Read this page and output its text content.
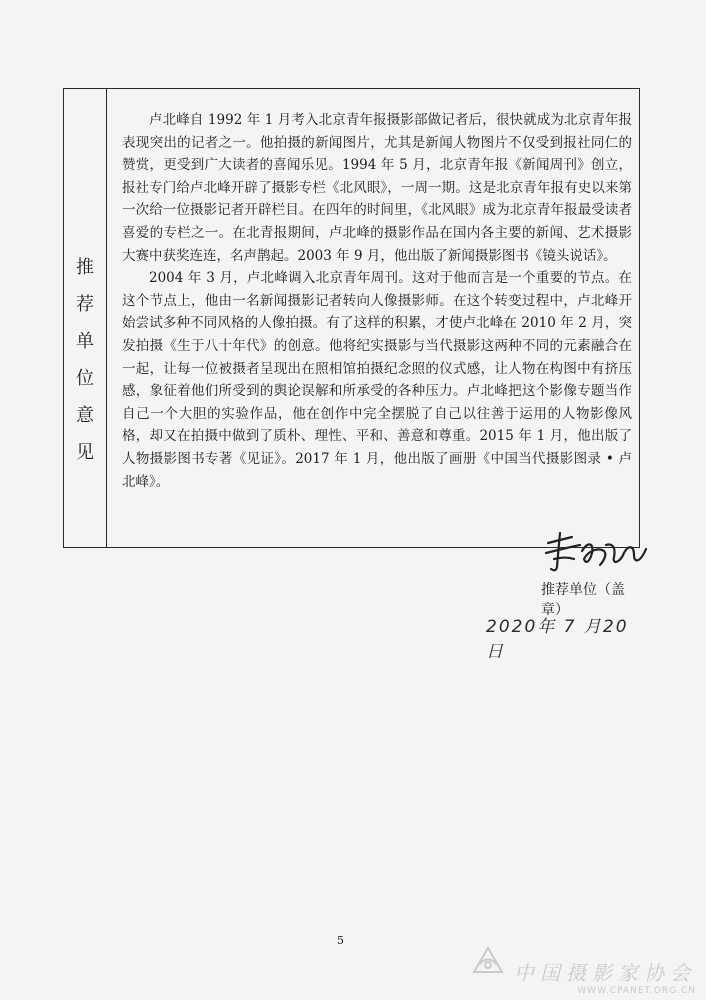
推
荐
单
位
意
见

卢北峰自 1992 年 1 月考入北京青年报摄影部做记者后，很快就成为北京青年报表现突出的记者之一。他拍摄的新闻图片，尤其是新闻人物图片不仅受到报社同仁的赞赏，更受到广大读者的喜闻乐见。1994 年 5 月，北京青年报《新闻周刊》创立，报社专门给卢北峰开辟了摄影专栏《北风眼》，一周一期。这是北京青年报有史以来第一次给一位摄影记者开辟栏目。在四年的时间里，《北风眼》成为北京青年报最受读者喜爱的专栏之一。在北青报期间，卢北峰的摄影作品在国内各主要的新闻、艺术摄影大赛中获奖连连，名声鹊起。2003 年 9 月，他出版了新闻摄影图书《镜头说话》。

2004 年 3 月，卢北峰调入北京青年周刊。这对于他而言是一个重要的节点。在这个节点上，他由一名新闻摄影记者转向人像摄影师。在这个转变过程中，卢北峰开始尝试多种不同风格的人像拍摄。有了这样的积累，才使卢北峰在 2010 年 2 月，突发拍摄《生于八十年代》的创意。他将纪实摄影与当代摄影这两种不同的元素融合在一起，让每一位被摄者呈现出在照相馆拍摄纪念照的仪式感，让人物在构图中有挤压感，象征着他们所受到的舆论误解和所承受的各种压力。卢北峰把这个影像专题当作自己一个大胆的实验作品，他在创作中完全摆脱了自己以往善于运用的人物影像风格，却又在拍摄中做到了质朴、理性、平和、善意和尊重。2015 年 1 月，他出版了人物摄影图书专著《见证》。2017 年 1 月，他出版了画册《中国当代摄影图录 • 卢北峰》。

推荐单位（盖章）
2020年 7 月20日
5
中国摄影家协会
WWW.CPANET.ORG.CN
